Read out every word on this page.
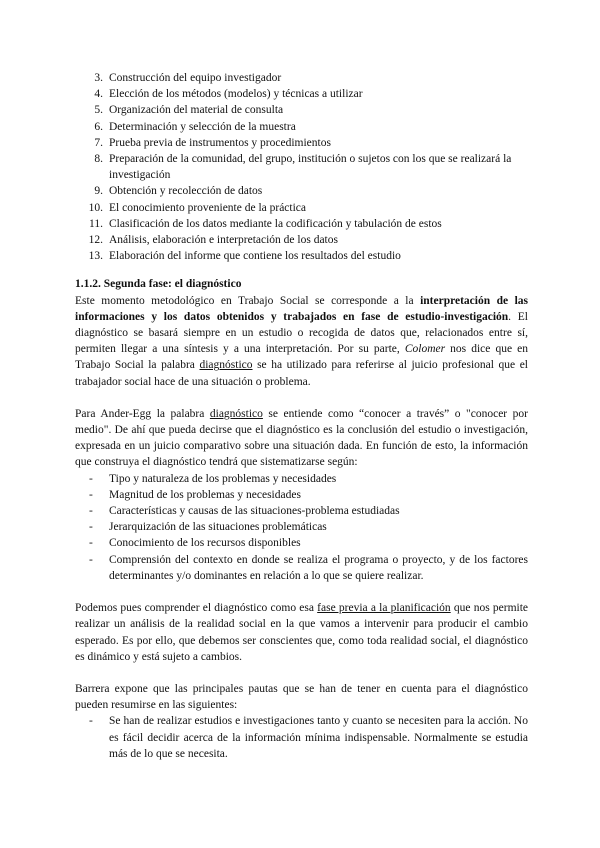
3. Construcción del equipo investigador
4. Elección de los métodos (modelos) y técnicas a utilizar
5. Organización del material de consulta
6. Determinación y selección de la muestra
7. Prueba previa de instrumentos y procedimientos
8. Preparación de la comunidad, del grupo, institución o sujetos con los que se realizará la investigación
9. Obtención y recolección de datos
10. El conocimiento proveniente de la práctica
11. Clasificación de los datos mediante la codificación y tabulación de estos
12. Análisis, elaboración e interpretación de los datos
13. Elaboración del informe que contiene los resultados del estudio
1.1.2. Segunda fase: el diagnóstico

Este momento metodológico en Trabajo Social se corresponde a la interpretación de las informaciones y los datos obtenidos y trabajados en fase de estudio-investigación. El diagnóstico se basará siempre en un estudio o recogida de datos que, relacionados entre sí, permiten llegar a una síntesis y a una interpretación. Por su parte, Colomer nos dice que en Trabajo Social la palabra diagnóstico se ha utilizado para referirse al juicio profesional que el trabajador social hace de una situación o problema.

Para Ander-Egg la palabra diagnóstico se entiende como “conocer a través” o "conocer por medio". De ahí que pueda decirse que el diagnóstico es la conclusión del estudio o investigación, expresada en un juicio comparativo sobre una situación dada. En función de esto, la información que construya el diagnóstico tendrá que sistematizarse según:

-	Tipo y naturaleza de los problemas y necesidades
-	Magnitud de los problemas y necesidades
-	Características y causas de las situaciones-problema estudiadas
-	Jerarquización de las situaciones problemáticas
-	Conocimiento de los recursos disponibles
-	Comprensión del contexto en donde se realiza el programa o proyecto, y de los factores determinantes y/o dominantes en relación a lo que se quiere realizar.

Podemos pues comprender el diagnóstico como esa fase previa a la planificación que nos permite realizar un análisis de la realidad social en la que vamos a intervenir para producir el cambio esperado. Es por ello, que debemos ser conscientes que, como toda realidad social, el diagnóstico es dinámico y está sujeto a cambios.

Barrera expone que las principales pautas que se han de tener en cuenta para el diagnóstico pueden resumirse en las siguientes:

-	Se han de realizar estudios e investigaciones tanto y cuanto se necesiten para la acción. No es fácil decidir acerca de la información mínima indispensable. Normalmente se estudia más de lo que se necesita.
